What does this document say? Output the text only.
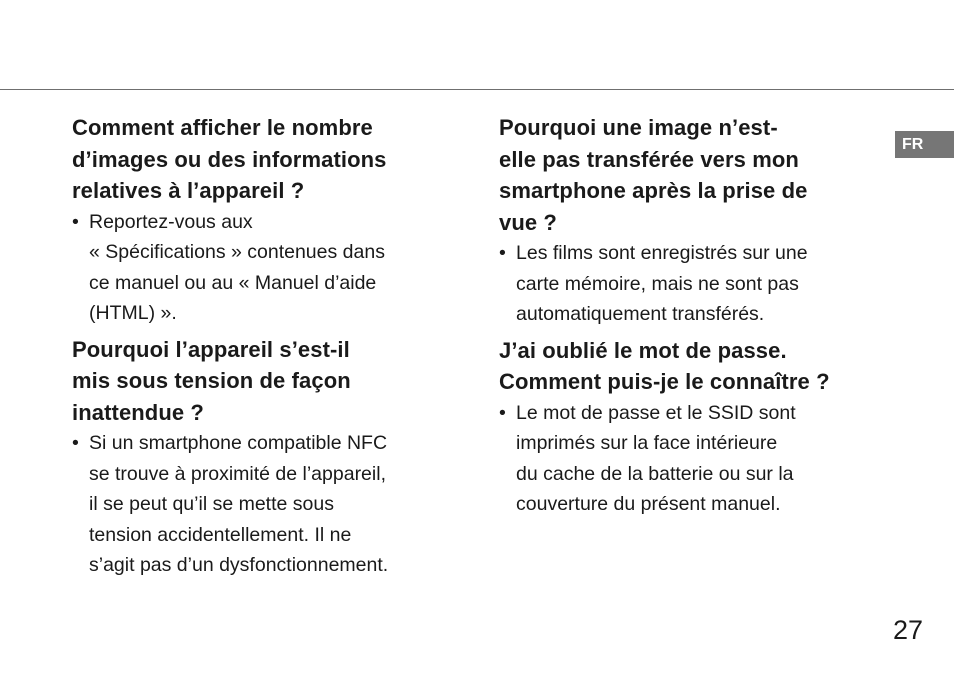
Comment afficher le nombre
d’images ou des informations
relatives à l’appareil ?

• Reportez-vous aux
« Spécifications » contenues dans
ce manuel ou au « Manuel d’aide
(HTML) ».

Pourquoi l’appareil s’est-il
mis sous tension de façon
inattendue ?

• Si un smartphone compatible NFC
se trouve à proximité de l’appareil,
il se peut qu’il se mette sous
tension accidentellement. Il ne
s’agit pas d’un dysfonctionnement.

Pourquoi une image n’est-
elle pas transférée vers mon
smartphone après la prise de
vue ?

• Les films sont enregistrés sur une
carte mémoire, mais ne sont pas
automatiquement transférés.

J’ai oublié le mot de passe.
Comment puis-je le connaître ?

• Le mot de passe et le SSID sont
imprimés sur la face intérieure
du cache de la batterie ou sur la
couverture du présent manuel.

FR
27
